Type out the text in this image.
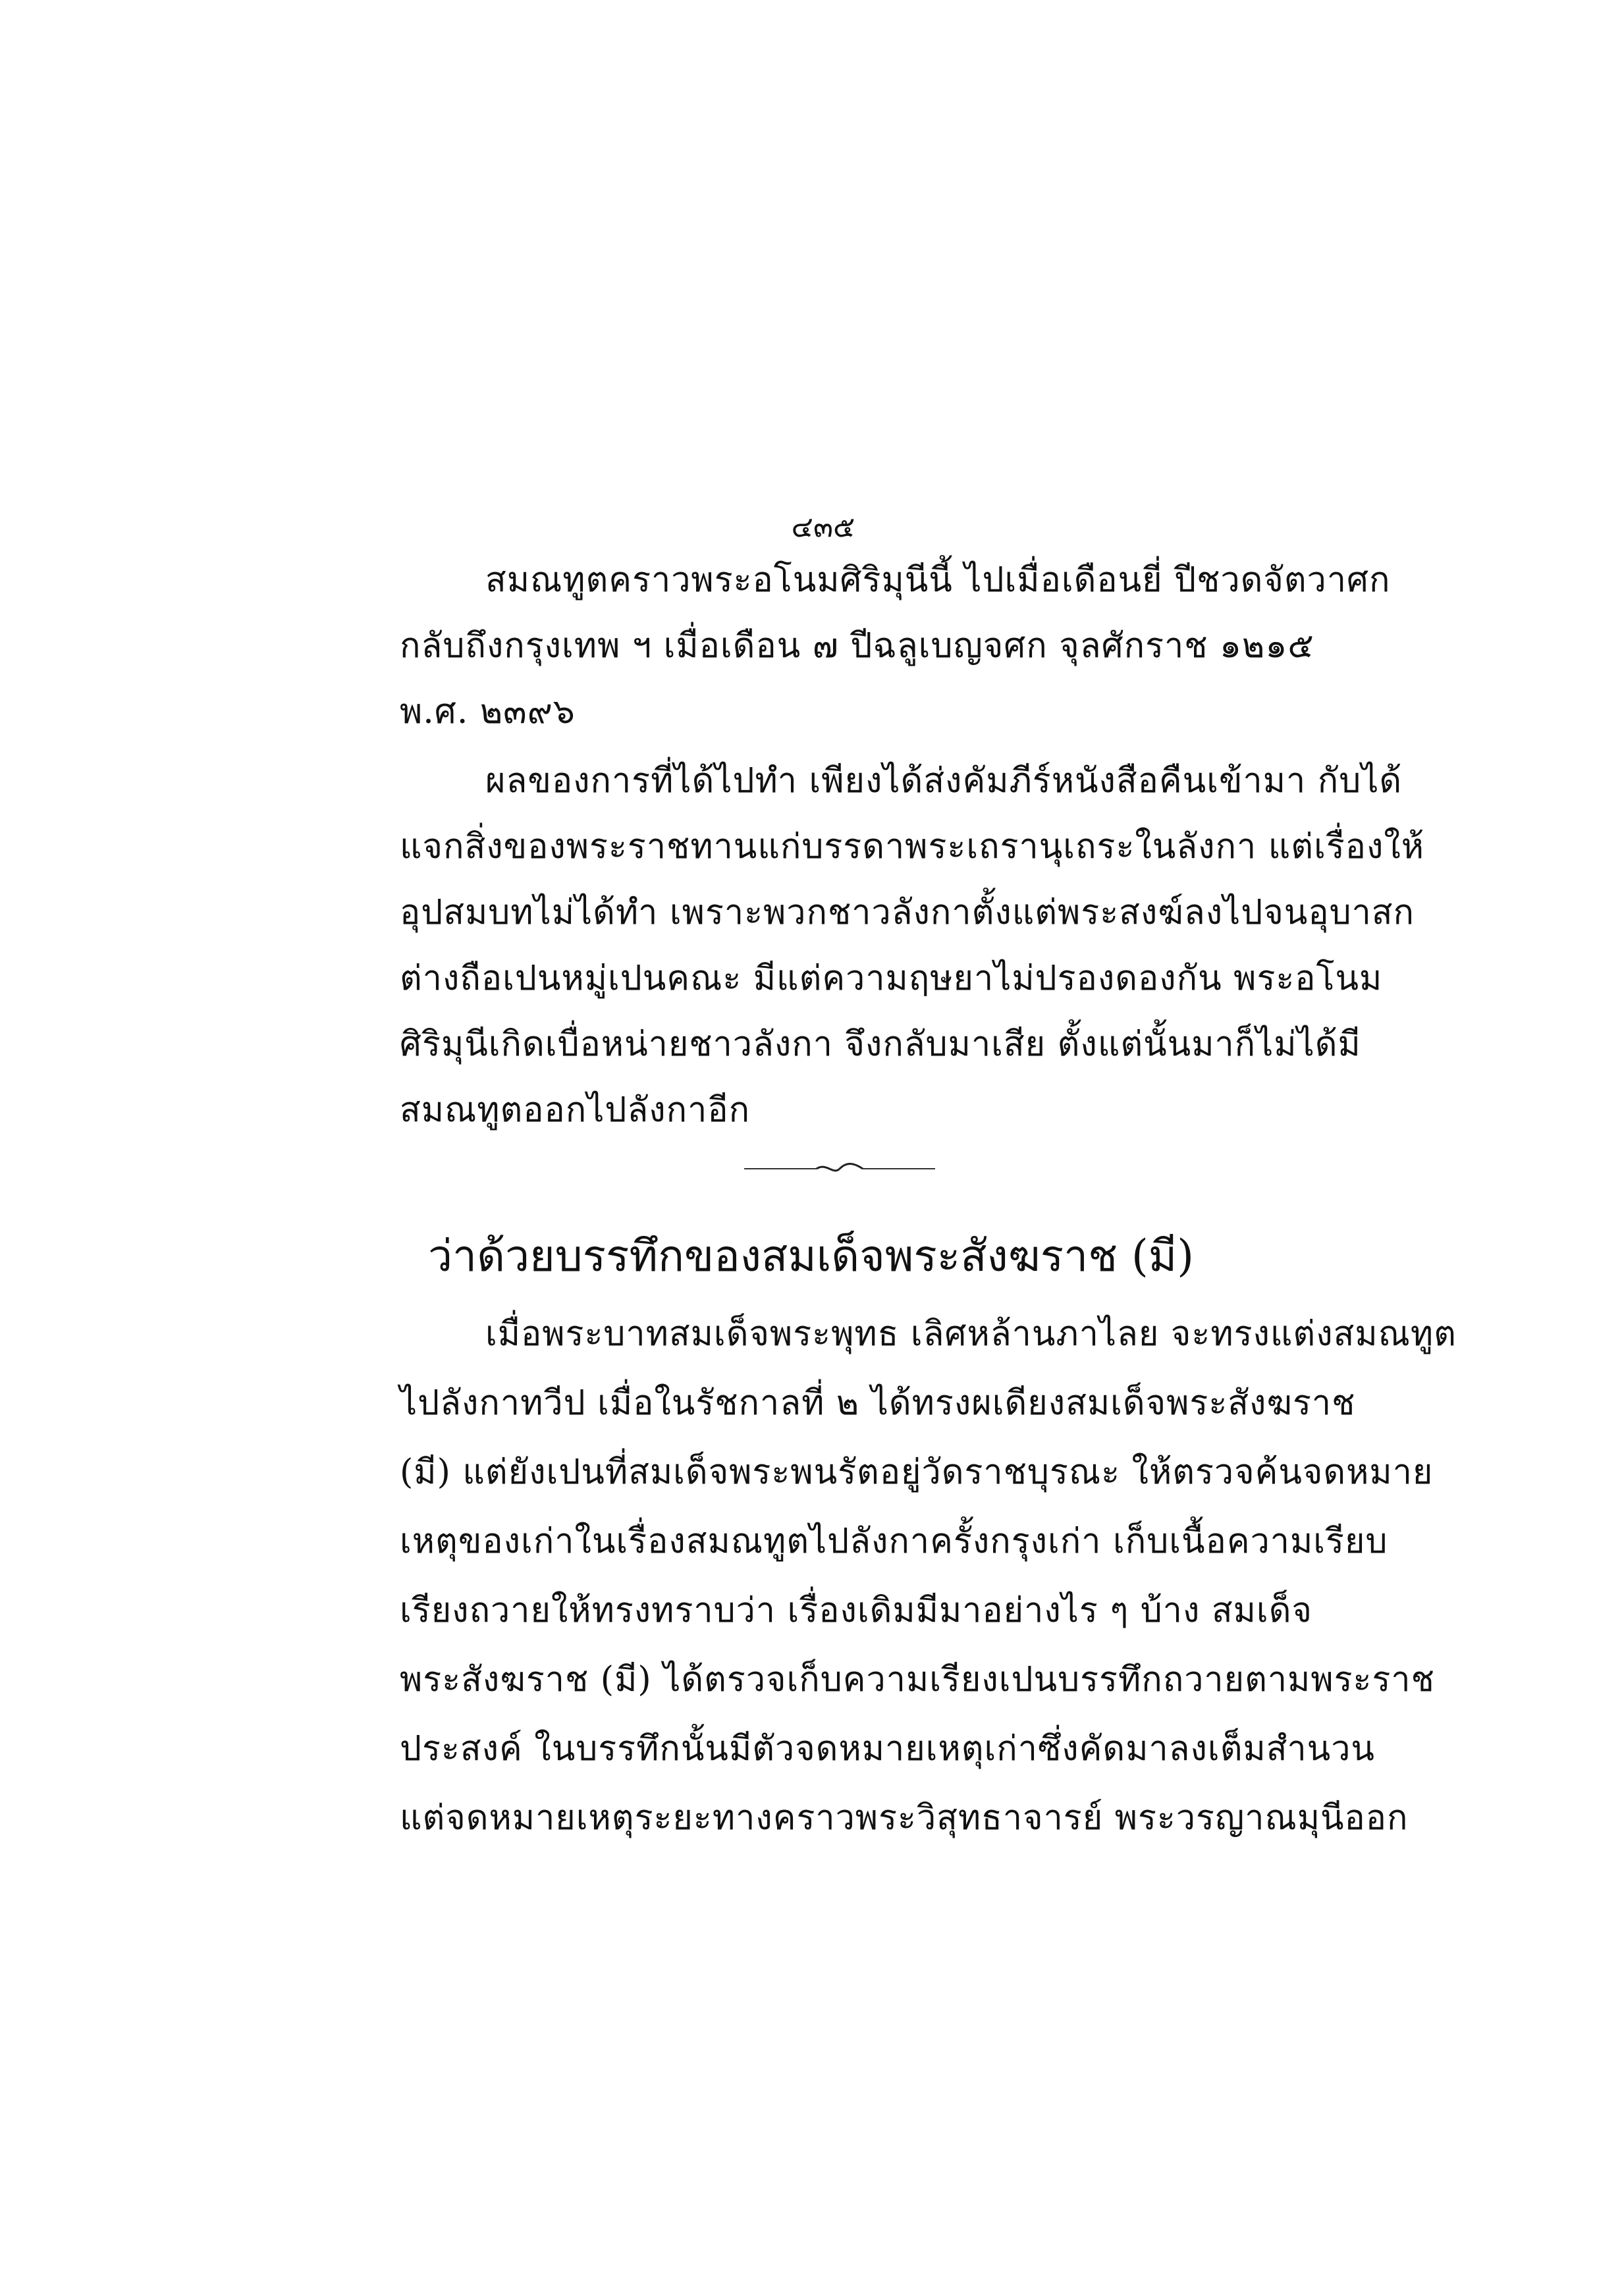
๔๓๕
สมณทูตคราวพระอโนมศิริมุนีนี้ ไปเมื่อเดือนยี่ ปีชวดจัตวาศก
กลับถึงกรุงเทพ ฯ เมื่อเดือน ๗ ปีฉลูเบญจศก จุลศักราช ๑๒๑๕
พ.ศ. ๒๓๙๖
ผลของการที่ได้ไปทำ เพียงได้ส่งคัมภีร์หนังสือคืนเข้ามา กับได้
แจกสิ่งของพระราชทานแก่บรรดาพระเถรานุเถระในลังกา แต่เรื่องให้
อุปสมบทไม่ได้ทำ เพราะพวกชาวลังกาตั้งแต่พระสงฆ์ลงไปจนอุบาสก
ต่างถือเปนหมู่เปนคณะ มีแต่ความฤษยาไม่ปรองดองกัน พระอโนม
ศิริมุนีเกิดเบื่อหน่ายชาวลังกา จึงกลับมาเสีย ตั้งแต่นั้นมาก็ไม่ได้มี
สมณทูตออกไปลังกาอีก
ว่าด้วยบรรทึกของสมเด็จพระสังฆราช (มี)
เมื่อพระบาทสมเด็จพระพุทธ เลิศหล้านภาไลย จะทรงแต่งสมณทูต
ไปลังกาทวีป เมื่อในรัชกาลที่ ๒ ได้ทรงผเดียงสมเด็จพระสังฆราช
(มี) แต่ยังเปนที่สมเด็จพระพนรัตอยู่วัดราชบุรณะ ให้ตรวจค้นจดหมาย
เหตุของเก่าในเรื่องสมณทูตไปลังกาครั้งกรุงเก่า เก็บเนื้อความเรียบ
เรียงถวายให้ทรงทราบว่า เรื่องเดิมมีมาอย่างไร ๆ บ้าง สมเด็จ
พระสังฆราช (มี) ได้ตรวจเก็บความเรียงเปนบรรทึกถวายตามพระราช
ประสงค์ ในบรรทึกนั้นมีตัวจดหมายเหตุเก่าซึ่งคัดมาลงเต็มสำนวน
แต่จดหมายเหตุระยะทางคราวพระวิสุทธาจารย์ พระวรญาณมุนีออก
